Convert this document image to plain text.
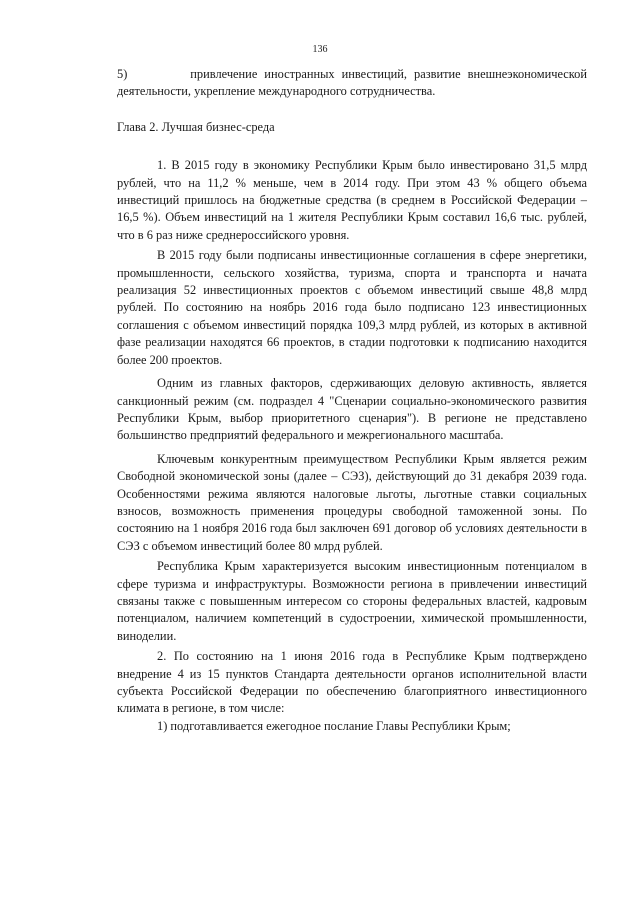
136

5)         привлечение иностранных инвестиций, развитие внешнеэкономической деятельности, укрепление международного сотрудничества.

Глава 2. Лучшая бизнес-среда

1. В 2015 году в экономику Республики Крым было инвестировано 31,5 млрд рублей, что на 11,2 % меньше, чем в 2014 году. При этом 43 % общего объема инвестиций пришлось на бюджетные средства (в среднем в Российской Федерации – 16,5 %). Объем инвестиций на 1 жителя Республики Крым составил 16,6 тыс. рублей, что в 6 раз ниже среднероссийского уровня.

В 2015 году были подписаны инвестиционные соглашения в сфере энергетики, промышленности, сельского хозяйства, туризма, спорта и транспорта и начата реализация 52 инвестиционных проектов с объемом инвестиций свыше 48,8 млрд рублей. По состоянию на ноябрь 2016 года было подписано 123 инвестиционных соглашения с объемом инвестиций порядка 109,3 млрд рублей, из которых в активной фазе реализации находятся 66 проектов, в стадии подготовки к подписанию находится более 200 проектов.

Одним из главных факторов, сдерживающих деловую активность, является санкционный режим (см. подраздел 4 "Сценарии социально-экономического развития Республики Крым, выбор приоритетного сценария"). В регионе не представлено большинство предприятий федерального и межрегионального масштаба.

Ключевым конкурентным преимуществом Республики Крым является режим Свободной экономической зоны (далее – СЭЗ), действующий до 31 декабря 2039 года. Особенностями режима являются налоговые льготы, льготные ставки социальных взносов, возможность применения процедуры свободной таможенной зоны. По состоянию на 1 ноября 2016 года был заключен 691 договор об условиях деятельности в СЭЗ с объемом инвестиций более 80 млрд рублей.

Республика Крым характеризуется высоким инвестиционным потенциалом в сфере туризма и инфраструктуры. Возможности региона в привлечении инвестиций связаны также с повышенным интересом со стороны федеральных властей, кадровым потенциалом, наличием компетенций в судостроении, химической промышленности, виноделии.

2. По состоянию на 1 июня 2016 года в Республике Крым подтверждено внедрение 4 из 15 пунктов Стандарта деятельности органов исполнительной власти субъекта Российской Федерации по обеспечению благоприятного инвестиционного климата в регионе, в том числе:

1) подготавливается ежегодное послание Главы Республики Крым;
